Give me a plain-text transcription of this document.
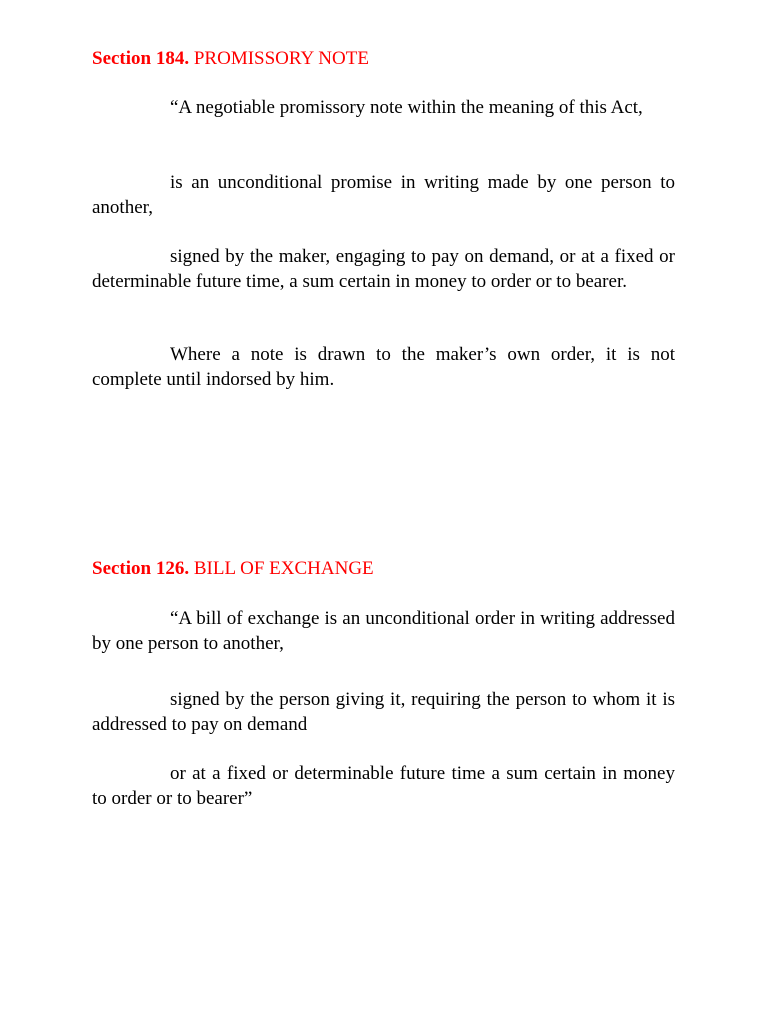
Section 184. PROMISSORY NOTE

“A negotiable promissory note within the meaning of this Act,

is an unconditional promise in writing made by one person to another,

signed by the maker, engaging to pay on demand, or at a fixed or determinable future time, a sum certain in money to order or to bearer.

Where a note is drawn to the maker’s own order, it is not complete until indorsed by him.

Section 126. BILL OF EXCHANGE

“A bill of exchange is an unconditional order in writing addressed by one person to another,

signed by the person giving it, requiring the person to whom it is addressed to pay on demand

or at a fixed or determinable future time a sum certain in money to order or to bearer”
